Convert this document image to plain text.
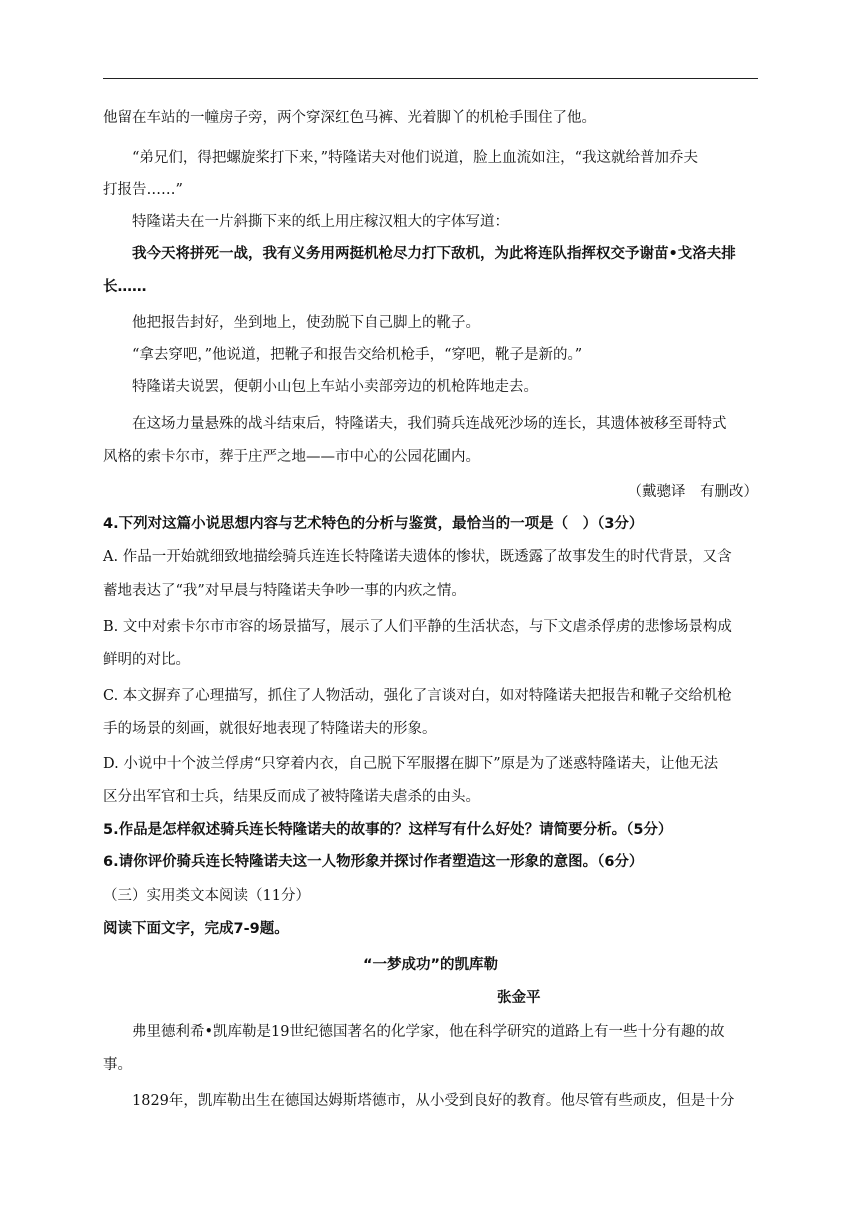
他留在车站的一幢房子旁，两个穿深红色马裤、光着脚丫的机枪手围住了他。
“弟兄们，得把螺旋桨打下来，”特隆诺夫对他们说道，脸上血流如注，“我这就给普加乔夫
打报告……”
特隆诺夫在一片斜撕下来的纸上用庄稼汉粗大的字体写道：
我今天将拼死一战，我有义务用两挺机枪尽力打下敌机，为此将连队指挥权交予谢苗•戈洛夫排
长……
他把报告封好，坐到地上，使劲脱下自己脚上的靴子。
“拿去穿吧，”他说道，把靴子和报告交给机枪手，“穿吧，靴子是新的。”
特隆诺夫说罢，便朝小山包上车站小卖部旁边的机枪阵地走去。
在这场力量悬殊的战斗结束后，特隆诺夫，我们骑兵连战死沙场的连长，其遗体被移至哥特式
风格的索卡尔市，葬于庄严之地——市中心的公园花圃内。
（戴骢译　有删改）
4.下列对这篇小说思想内容与艺术特色的分析与鉴赏，最恰当的一项是（　）（3分）
A. 作品一开始就细致地描绘骑兵连连长特隆诺夫遗体的惨状，既透露了故事发生的时代背景，又含
蓄地表达了“我”对早晨与特隆诺夫争吵一事的内疚之情。
B. 文中对索卡尔市市容的场景描写，展示了人们平静的生活状态，与下文虐杀俘虏的悲惨场景构成
鲜明的对比。
C. 本文摒弃了心理描写，抓住了人物活动，强化了言谈对白，如对特隆诺夫把报告和靴子交给机枪
手的场景的刻画，就很好地表现了特隆诺夫的形象。
D. 小说中十个波兰俘虏“只穿着内衣，自己脱下军服撂在脚下”原是为了迷惑特隆诺夫，让他无法
区分出军官和士兵，结果反而成了被特隆诺夫虐杀的由头。
5.作品是怎样叙述骑兵连长特隆诺夫的故事的？这样写有什么好处？请简要分析。（5分）
6.请你评价骑兵连长特隆诺夫这一人物形象并探讨作者塑造这一形象的意图。（6分）
（三）实用类文本阅读（11分）
阅读下面文字，完成7-9题。
“一梦成功”的凯库勒
张金平
弗里德利希•凯库勒是19世纪德国著名的化学家，他在科学研究的道路上有一些十分有趣的故
事。
1829年，凯库勒出生在德国达姆斯塔德市，从小受到良好的教育。他尽管有些顽皮，但是十分
